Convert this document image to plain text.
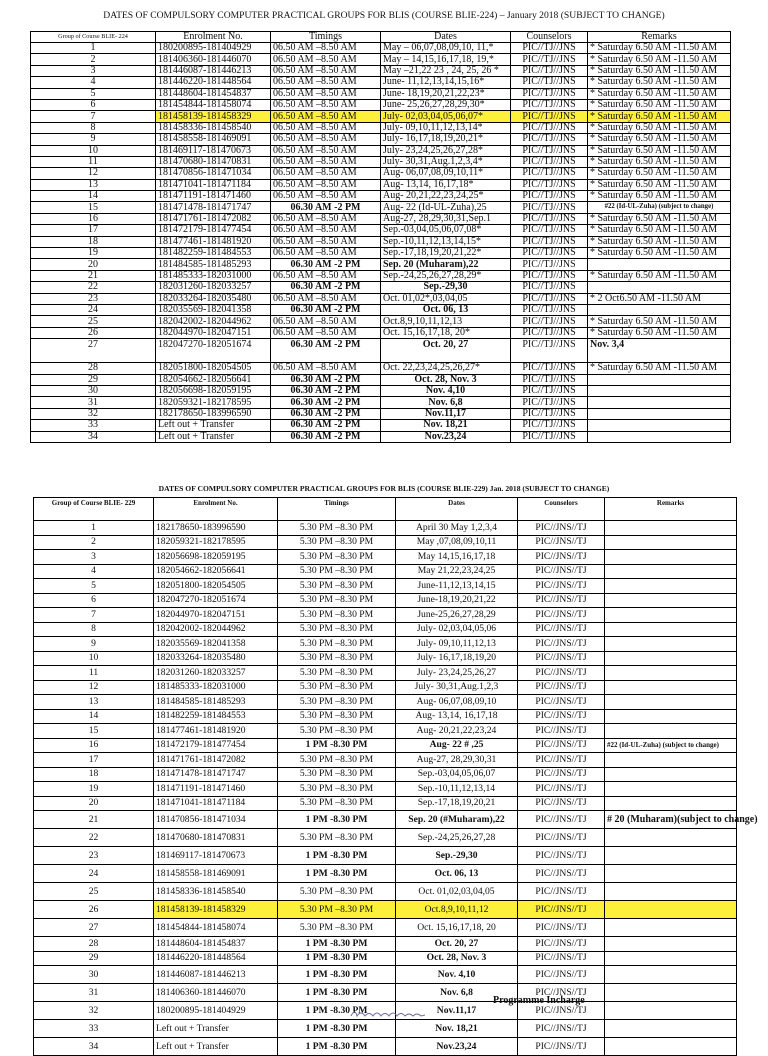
DATES OF COMPULSORY COMPUTER PRACTICAL GROUPS FOR BLIS (COURSE BLIE-224) – January 2018 (SUBJECT TO CHANGE)
Group of Course BLIE- 224	Enrolment No.	Timings	Dates	Counselors	Remarks
1	180200895-181404929	06.50 AM –8.50 AM	May – 06,07,08,09,10, 11,*	PIC//TJ//JNS	* Saturday 6.50 AM -11.50 AM
2	181406360-181446070	06.50 AM –8.50 AM	May – 14,15,16,17,18, 19,*	PIC//TJ//JNS	* Saturday 6.50 AM -11.50 AM
3	181446087-181446213	06.50 AM –8.50 AM	May –21,22 23 , 24, 25, 26 *	PIC//TJ//JNS	* Saturday 6.50 AM -11.50 AM
4	181446220-181448564	06.50 AM –8.50 AM	June- 11,12,13,14,15,16*	PIC//TJ//JNS	* Saturday 6.50 AM -11.50 AM
5	181448604-181454837	06.50 AM –8.50 AM	June- 18,19,20,21,22,23*	PIC//TJ//JNS	* Saturday 6.50 AM -11.50 AM
6	181454844-181458074	06.50 AM –8.50 AM	June- 25,26,27,28,29,30*	PIC//TJ//JNS	* Saturday 6.50 AM -11.50 AM
7	181458139-181458329	06.50 AM –8.50 AM	July- 02,03,04,05,06,07*	PIC//TJ//JNS	* Saturday 6.50 AM -11.50 AM
8	181458336-181458540	06.50 AM –8.50 AM	July- 09,10,11,12,13,14*	PIC//TJ//JNS	* Saturday 6.50 AM -11.50 AM
9	181458558-181469091	06.50 AM –8.50 AM	July- 16,17,18,19,20,21*	PIC//TJ//JNS	* Saturday 6.50 AM -11.50 AM
10	181469117-181470673	06.50 AM –8.50 AM	July- 23,24,25,26,27,28*	PIC//TJ//JNS	* Saturday 6.50 AM -11.50 AM
11	181470680-181470831	06.50 AM –8.50 AM	July- 30,31,Aug.1,2,3,4*	PIC//TJ//JNS	* Saturday 6.50 AM -11.50 AM
12	181470856-181471034	06.50 AM –8.50 AM	Aug- 06,07,08,09,10,11*	PIC//TJ//JNS	* Saturday 6.50 AM -11.50 AM
13	181471041-181471184	06.50 AM –8.50 AM	Aug- 13,14, 16,17,18*	PIC//TJ//JNS	* Saturday 6.50 AM -11.50 AM
14	181471191-181471460	06.50 AM –8.50 AM	Aug- 20,21,22,23,24,25*	PIC//TJ//JNS	* Saturday 6.50 AM -11.50 AM
15	181471478-181471747	06.30 AM -2 PM	Aug- 22 (Id-UL-Zuha),25	PIC//TJ//JNS	#22 (Id-UL-Zuha) (subject to change)
16	181471761-181472082	06.50 AM –8.50 AM	Aug-27, 28,29,30,31,Sep.1	PIC//TJ//JNS	* Saturday 6.50 AM -11.50 AM
17	181472179-181477454	06.50 AM –8.50 AM	Sep.-03,04,05,06,07,08*	PIC//TJ//JNS	* Saturday 6.50 AM -11.50 AM
18	181477461-181481920	06.50 AM –8.50 AM	Sep.-10,11,12,13,14,15*	PIC//TJ//JNS	* Saturday 6.50 AM -11.50 AM
19	181482259-181484553	06.50 AM –8.50 AM	Sep.-17,18,19,20,21,22*	PIC//TJ//JNS	* Saturday 6.50 AM -11.50 AM
20	181484585-181485293	06.30 AM -2 PM	Sep. 20 (Muharam),22	PIC//TJ//JNS	
21	181485333-182031000	06.50 AM –8.50 AM	Sep.-24,25,26,27,28,29*	PIC//TJ//JNS	* Saturday 6.50 AM -11.50 AM
22	182031260-182033257	06.30 AM -2 PM	Sep.-29,30	PIC//TJ//JNS	
23	182033264-182035480	06.50 AM –8.50 AM	Oct. 01,02*,03,04,05	PIC//TJ//JNS	* 2 Oct6.50 AM -11.50 AM
24	182035569-182041358	06.30 AM -2 PM	Oct. 06, 13	PIC//TJ//JNS	
25	182042002-182044962	06.50 AM –8.50 AM	Oct.8,9,10,11,12,13	PIC//TJ//JNS	* Saturday 6.50 AM -11.50 AM
26	182044970-182047151	06.50 AM –8.50 AM	Oct. 15,16,17,18, 20*	PIC//TJ//JNS	* Saturday 6.50 AM -11.50 AM
27	182047270-182051674	06.30 AM -2 PM	Oct. 20, 27	PIC//TJ//JNS	Nov. 3,4
28	182051800-182054505	06.50 AM –8.50 AM	Oct. 22,23,24,25,26,27*	PIC//TJ//JNS	* Saturday 6.50 AM -11.50 AM
29	182054662-182056641	06.30 AM -2 PM	Oct. 28, Nov. 3	PIC//TJ//JNS	
30	182056698-182059195	06.30 AM -2 PM	Nov. 4,10	PIC//TJ//JNS	
31	182059321-182178595	06.30 AM -2 PM	Nov. 6,8	PIC//TJ//JNS	
32	182178650-183996590	06.30 AM -2 PM	Nov.11,17	PIC//TJ//JNS	
33	Left out + Transfer	06.30 AM -2 PM	Nov. 18,21	PIC//TJ//JNS	
34	Left out + Transfer	06.30 AM -2 PM	Nov.23,24	PIC//TJ//JNS	
DATES OF COMPULSORY COMPUTER PRACTICAL GROUPS FOR BLIS (COURSE BLIE-229) Jan. 2018 (SUBJECT TO CHANGE)
Group of Course BLIE- 229	Enrolment No.	Timings	Dates	Counselors	Remarks
1	182178650-183996590	5.30 PM –8.30 PM	April 30 May 1,2,3,4	PIC//JNS//TJ	
2	182059321-182178595	5.30 PM –8.30 PM	May ,07,08,09,10,11	PIC//JNS//TJ	
3	182056698-182059195	5.30 PM –8.30 PM	May 14,15,16,17,18	PIC//JNS//TJ	
4	182054662-182056641	5.30 PM –8.30 PM	May 21,22,23,24,25	PIC//JNS//TJ	
5	182051800-182054505	5.30 PM –8.30 PM	June-11,12,13,14,15	PIC//JNS//TJ	
6	182047270-182051674	5.30 PM –8.30 PM	June-18,19,20,21,22	PIC//JNS//TJ	
7	182044970-182047151	5.30 PM –8.30 PM	June-25,26,27,28,29	PIC//JNS//TJ	
8	182042002-182044962	5.30 PM –8.30 PM	July- 02,03,04,05,06	PIC//JNS//TJ	
9	182035569-182041358	5.30 PM –8.30 PM	July- 09,10,11,12,13	PIC//JNS//TJ	
10	182033264-182035480	5.30 PM –8.30 PM	July- 16,17,18,19,20	PIC//JNS//TJ	
11	182031260-182033257	5.30 PM –8.30 PM	July- 23,24,25,26,27	PIC//JNS//TJ	
12	181485333-182031000	5.30 PM –8.30 PM	July- 30,31,Aug.1,2,3	PIC//JNS//TJ	
13	181484585-181485293	5.30 PM –8.30 PM	Aug- 06,07,08,09,10	PIC//JNS//TJ	
14	181482259-181484553	5.30 PM –8.30 PM	Aug- 13,14, 16,17,18	PIC//JNS//TJ	
15	181477461-181481920	5.30 PM –8.30 PM	Aug- 20,21,22,23,24	PIC//JNS//TJ	
16	181472179-181477454	1 PM -8.30 PM	Aug- 22 # ,25	PIC//JNS//TJ	#22 (Id-UL-Zuha) (subject to change)
17	181471761-181472082	5.30 PM –8.30 PM	Aug-27, 28,29,30,31	PIC//JNS//TJ	
18	181471478-181471747	5.30 PM –8.30 PM	Sep.-03,04,05,06,07	PIC//JNS//TJ	
19	181471191-181471460	5.30 PM –8.30 PM	Sep.-10,11,12,13,14	PIC//JNS//TJ	
20	181471041-181471184	5.30 PM –8.30 PM	Sep.-17,18,19,20,21	PIC//JNS//TJ	
21	181470856-181471034	1 PM -8.30 PM	Sep. 20 (#Muharam),22	PIC//JNS//TJ	# 20 (Muharam)(subject to change)
22	181470680-181470831	5.30 PM –8.30 PM	Sep.-24,25,26,27,28	PIC//JNS//TJ	
23	181469117-181470673	1 PM -8.30 PM	Sep.-29,30	PIC//JNS//TJ	
24	181458558-181469091	1 PM -8.30 PM	Oct. 06, 13	PIC//JNS//TJ	
25	181458336-181458540	5.30 PM –8.30 PM	Oct. 01,02,03,04,05	PIC//JNS//TJ	
26	181458139-181458329	5.30 PM –8.30 PM	Oct.8,9,10,11,12	PIC//JNS//TJ	
27	181454844-181458074	5.30 PM –8.30 PM	Oct. 15,16,17,18, 20	PIC//JNS//TJ	
28	181448604-181454837	1 PM -8.30 PM	Oct. 20, 27	PIC//JNS//TJ	
29	181446220-181448564	1 PM -8.30 PM	Oct. 28, Nov. 3	PIC//JNS//TJ	
30	181446087-181446213	1 PM -8.30 PM	Nov. 4,10	PIC//JNS//TJ	
31	181406360-181446070	1 PM -8.30 PM	Nov. 6,8	PIC//JNS//TJ	
32	180200895-181404929	1 PM -8.30 PM	Nov.11,17	PIC//JNS//TJ	
33	Left out + Transfer	1 PM -8.30 PM	Nov. 18,21	PIC//JNS//TJ	
34	Left out + Transfer	1 PM -8.30 PM	Nov.23,24	PIC//JNS//TJ	
Programme Incharge
